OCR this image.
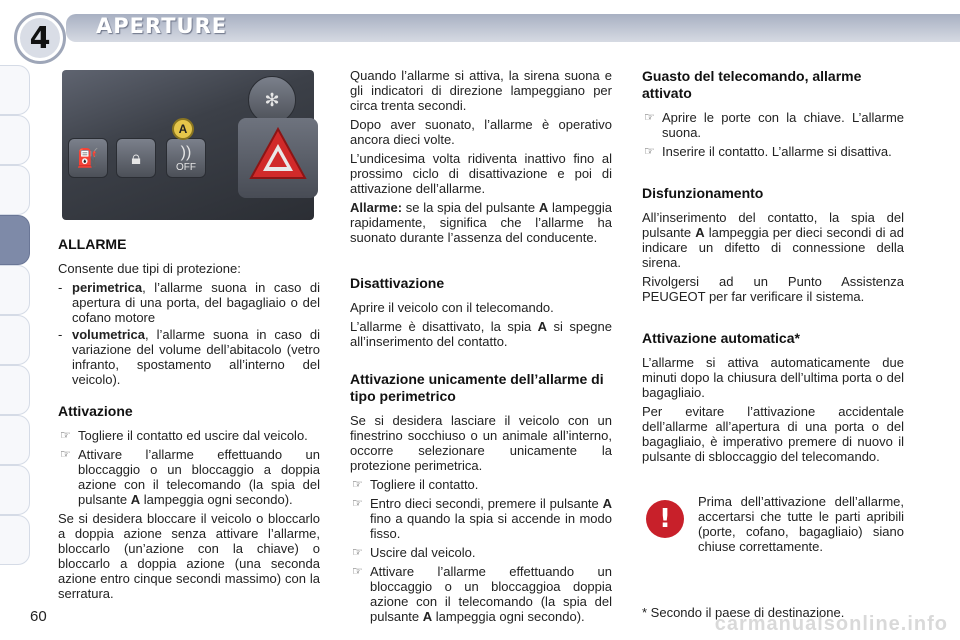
4	APERTURE
✻
⛽	🔒︎	))
OFF
A
ALLARME

Consente due tipi di protezione:

- perimetrica, l’allarme suona in caso di apertura di una porta, del bagagliaio o del cofano motore
- volumetrica, l’allarme suona in caso di variazione del volume dell’abitacolo (vetro infranto, spostamento all’interno del veicolo).
Attivazione
☞ Togliere il contatto ed uscire dal veicolo.
☞ Attivare l’allarme effettuando un bloccaggio o un bloccaggio a doppia azione con il telecomando (la spia del pulsante A lampeggia ogni secondo).

Se si desidera bloccare il veicolo o bloccarlo a doppia azione senza attivare l’allarme, bloccarlo (un’azione con la chiave) o bloccarlo a doppia azione (una seconda azione entro cinque secondi massimo) con la serratura.

Quando l’allarme si attiva, la sirena suona e gli indicatori di direzione lampeggiano per circa trenta secondi.

Dopo aver suonato, l’allarme è operativo ancora dieci volte.

L’undicesima volta ridiventa inattivo fino al prossimo ciclo di disattivazione e poi di attivazione dell’allarme.

Allarme: se la spia del pulsante A lampeggia rapidamente, significa che l’allarme ha suonato durante l’assenza del conducente.

Disattivazione

Aprire il veicolo con il telecomando.

L’allarme è disattivato, la spia A si spegne all’inserimento del contatto.

Attivazione unicamente dell’allarme di tipo perimetrico

Se si desidera lasciare il veicolo con un finestrino socchiuso o un animale all’interno, occorre selezionare unicamente la protezione perimetrica.

☞ Togliere il contatto.
☞ Entro dieci secondi, premere il pulsante A fino a quando la spia si accende in modo fisso.
☞ Uscire dal veicolo.
☞ Attivare l’allarme effettuando un bloccaggio o un bloccaggioa doppia azione con il telecomando (la spia del pulsante A lampeggia ogni secondo).
Guasto del telecomando, allarme attivato
☞ Aprire le porte con la chiave. L’allarme suona.
☞ Inserire il contatto. L’allarme si disattiva.
Disfunzionamento

All’inserimento del contatto, la spia del pulsante A lampeggia per dieci secondi di ad indicare un difetto di connessione della sirena.

Rivolgersi ad un Punto Assistenza PEUGEOT per far verificare il sistema.

Attivazione automatica*

L’allarme si attiva automaticamente due minuti dopo la chiusura dell’ultima porta o del bagagliaio.

Per evitare l’attivazione accidentale dell’allarme all’apertura di una porta o del bagagliaio, è imperativo premere di nuovo il pulsante di sbloccaggio del telecomando.

!
Prima dell’attivazione dell’allarme, accertarsi che tutte le parti apribili (porte, cofano, bagagliaio) siano chiuse correttamente.
* Secondo il paese di destinazione.
60	carmanualsonline.info
